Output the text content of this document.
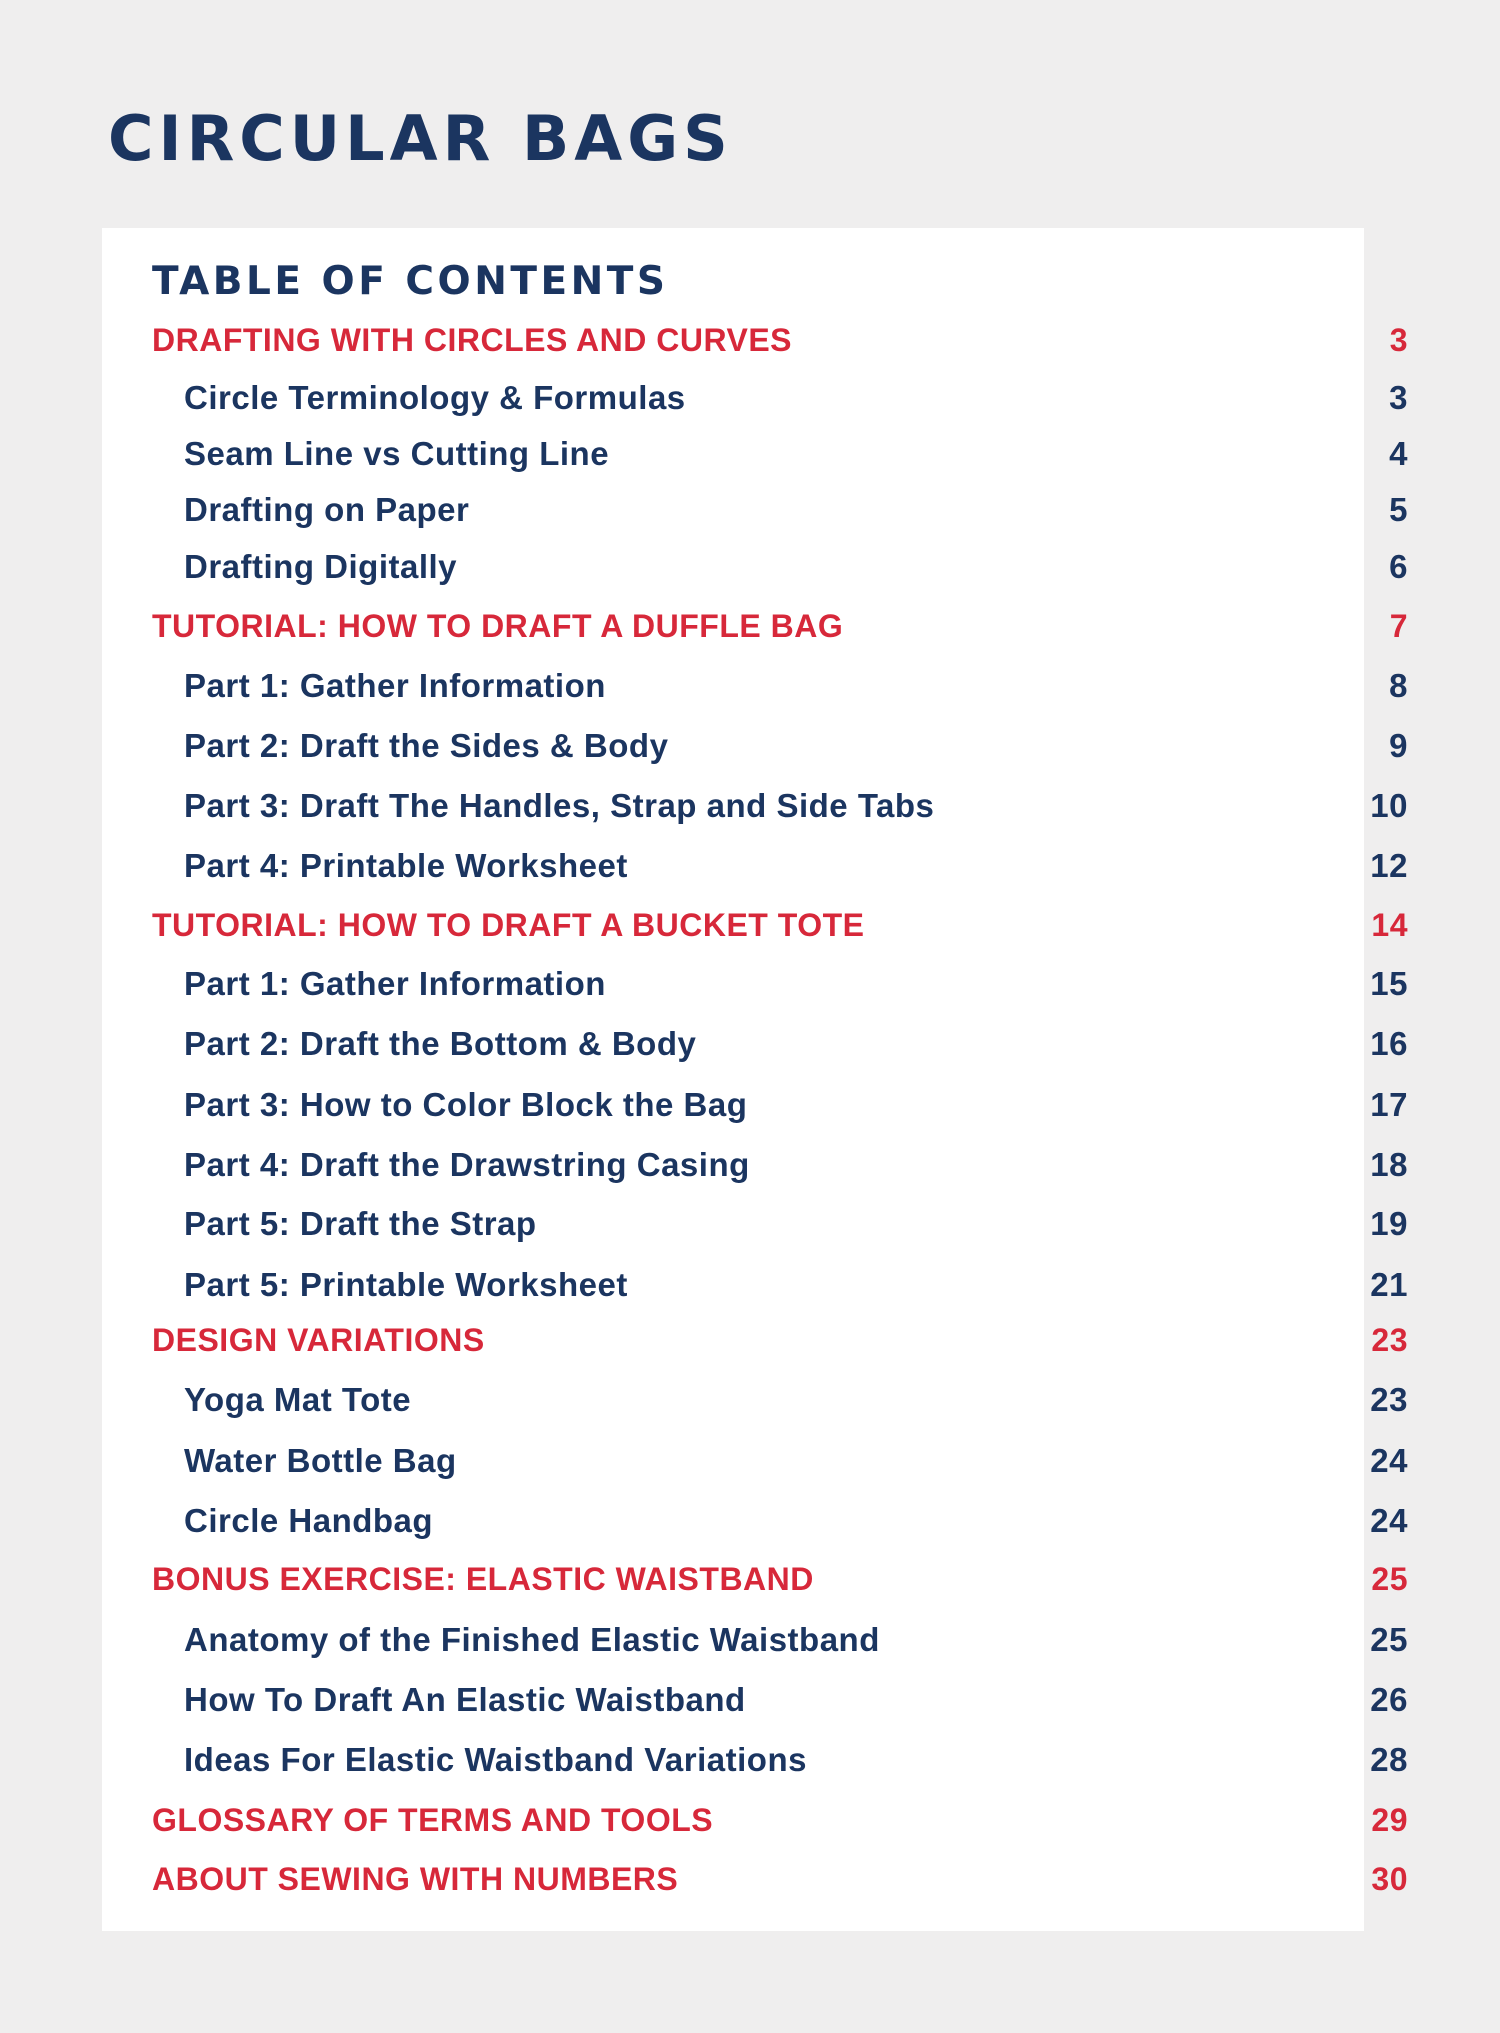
CIRCULAR BAGS
TABLE OF CONTENTS
DRAFTING WITH CIRCLES AND CURVES	3
Circle Terminology & Formulas	3
Seam Line vs Cutting Line	4
Drafting on Paper	5
Drafting Digitally	6
TUTORIAL: HOW TO DRAFT A DUFFLE BAG	7
Part 1: Gather Information	8
Part 2: Draft the Sides & Body	9
Part 3: Draft The Handles, Strap and Side Tabs	10
Part 4: Printable Worksheet	12
TUTORIAL: HOW TO DRAFT A BUCKET TOTE	14
Part 1: Gather Information	15
Part 2: Draft the Bottom & Body	16
Part 3: How to Color Block the Bag	17
Part 4: Draft the Drawstring Casing	18
Part 5: Draft the Strap	19
Part 5: Printable Worksheet	21
DESIGN VARIATIONS	23
Yoga Mat Tote	23
Water Bottle Bag	24
Circle Handbag	24
BONUS EXERCISE: ELASTIC WAISTBAND	25
Anatomy of the Finished Elastic Waistband	25
How To Draft An Elastic Waistband	26
Ideas For Elastic Waistband Variations	28
GLOSSARY OF TERMS AND TOOLS	29
ABOUT SEWING WITH NUMBERS	30
